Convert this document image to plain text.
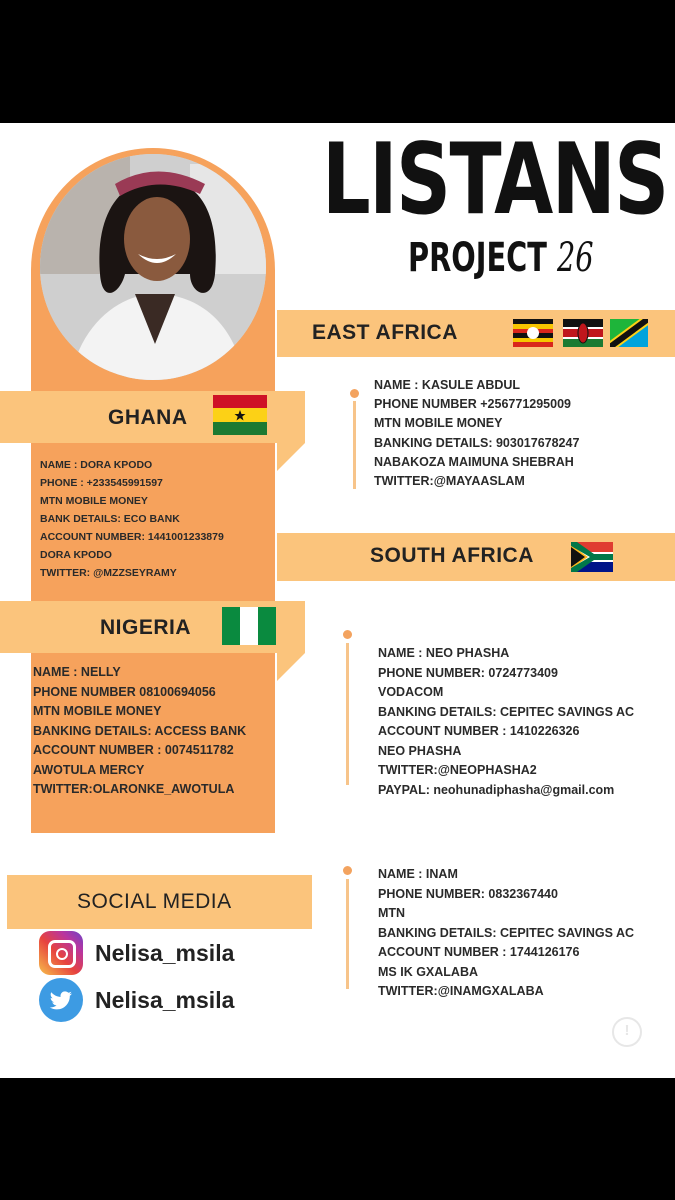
LISTANS
PROJECT 26
EAST AFRICA
NAME : KASULE ABDUL
PHONE NUMBER +256771295009
MTN MOBILE MONEY
BANKING DETAILS: 903017678247
NABAKOZA MAIMUNA SHEBRAH
TWITTER:@MAYAASLAM
GHANA
NAME : DORA KPODO
PHONE : +233545991597
MTN MOBILE MONEY
BANK DETAILS: ECO BANK
ACCOUNT NUMBER: 1441001233879
DORA KPODO
TWITTER: @MZZSEYRAMY
SOUTH AFRICA
NIGERIA
NAME : NELLY
PHONE NUMBER 08100694056
MTN MOBILE MONEY
BANKING DETAILS: ACCESS BANK
ACCOUNT NUMBER : 0074511782
AWOTULA MERCY
TWITTER:OLARONKE_AWOTULA
NAME : NEO PHASHA
PHONE NUMBER: 0724773409
VODACOM
BANKING DETAILS: CEPITEC SAVINGS AC
ACCOUNT NUMBER : 1410226326
NEO PHASHA
TWITTER:@NEOPHASHA2
PAYPAL: neohunadiphasha@gmail.com
SOCIAL MEDIA
Nelisa_msila
Nelisa_msila
NAME : INAM
PHONE NUMBER: 0832367440
MTN
BANKING DETAILS: CEPITEC SAVINGS AC
ACCOUNT NUMBER : 1744126176
MS IK GXALABA
TWITTER:@INAMGXALABA
!
